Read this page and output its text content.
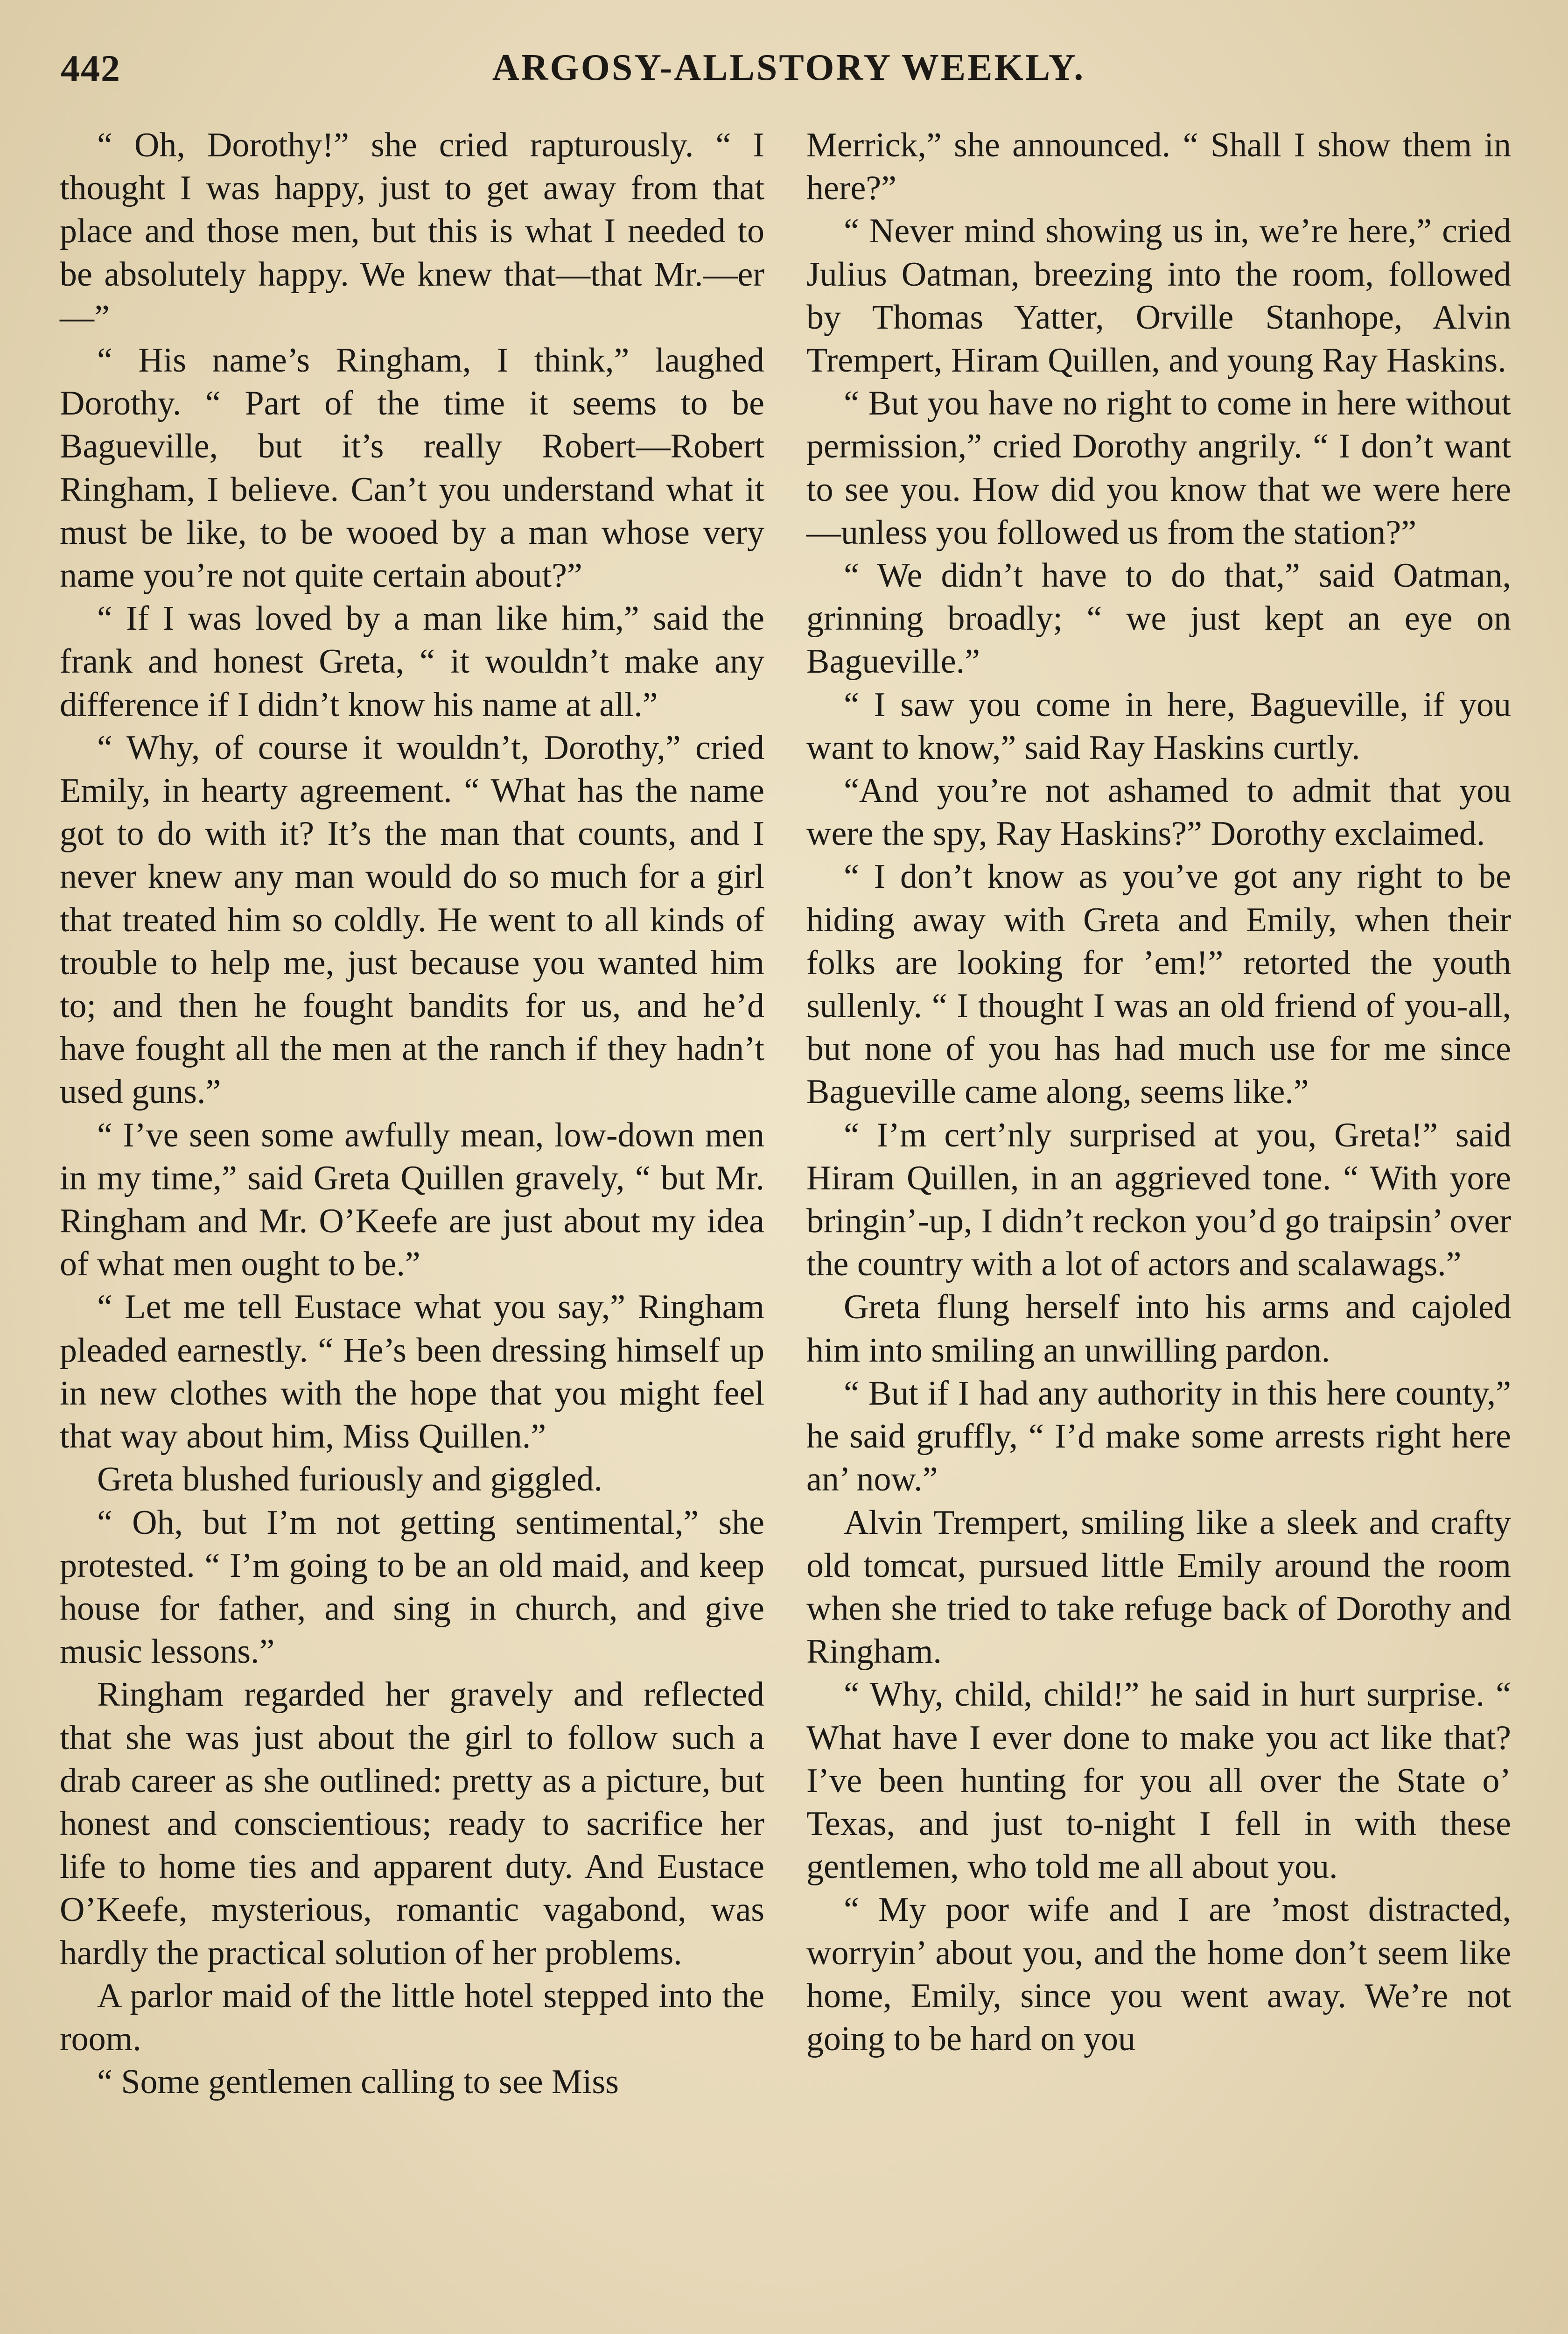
442	ARGOSY-ALLSTORY WEEKLY.

“ Oh, Dorothy!” she cried rapturously. “ I thought I was happy, just to get away from that place and those men, but this is what I needed to be absolutely happy. We knew that—that Mr.—er—”

“ His name’s Ringham, I think,” laughed Dorothy. “ Part of the time it seems to be Bagueville, but it’s really Robert—Robert Ringham, I believe. Can’t you understand what it must be like, to be wooed by a man whose very name you’re not quite certain about?”

“ If I was loved by a man like him,” said the frank and honest Greta, “ it wouldn’t make any difference if I didn’t know his name at all.”

“ Why, of course it wouldn’t, Dorothy,” cried Emily, in hearty agreement. “ What has the name got to do with it? It’s the man that counts, and I never knew any man would do so much for a girl that treated him so coldly. He went to all kinds of trouble to help me, just because you wanted him to; and then he fought bandits for us, and he’d have fought all the men at the ranch if they hadn’t used guns.”

“ I’ve seen some awfully mean, low-down men in my time,” said Greta Quillen gravely, “ but Mr. Ringham and Mr. O’Keefe are just about my idea of what men ought to be.”

“ Let me tell Eustace what you say,” Ringham pleaded earnestly. “ He’s been dressing himself up in new clothes with the hope that you might feel that way about him, Miss Quillen.”

Greta blushed furiously and giggled.

“ Oh, but I’m not getting sentimental,” she protested. “ I’m going to be an old maid, and keep house for father, and sing in church, and give music lessons.”

Ringham regarded her gravely and reflected that she was just about the girl to follow such a drab career as she outlined: pretty as a picture, but honest and conscientious; ready to sacrifice her life to home ties and apparent duty. And Eustace O’Keefe, mysterious, romantic vagabond, was hardly the practical solution of her problems.

A parlor maid of the little hotel stepped into the room.

“ Some gentlemen calling to see Miss

Merrick,” she announced. “ Shall I show them in here?”

“ Never mind showing us in, we’re here,” cried Julius Oatman, breezing into the room, followed by Thomas Yatter, Orville Stanhope, Alvin Trempert, Hiram Quillen, and young Ray Haskins.

“ But you have no right to come in here without permission,” cried Dorothy angrily. “ I don’t want to see you. How did you know that we were here—unless you followed us from the station?”

“ We didn’t have to do that,” said Oatman, grinning broadly; “ we just kept an eye on Bagueville.”

“ I saw you come in here, Bagueville, if you want to know,” said Ray Haskins curtly.

“And you’re not ashamed to admit that you were the spy, Ray Haskins?” Dorothy exclaimed.

“ I don’t know as you’ve got any right to be hiding away with Greta and Emily, when their folks are looking for ’em!” retorted the youth sullenly. “ I thought I was an old friend of you-all, but none of you has had much use for me since Bagueville came along, seems like.”

“ I’m cert’nly surprised at you, Greta!” said Hiram Quillen, in an aggrieved tone. “ With yore bringin’-up, I didn’t reckon you’d go traipsin’ over the country with a lot of actors and scalawags.”

Greta flung herself into his arms and cajoled him into smiling an unwilling pardon.

“ But if I had any authority in this here county,” he said gruffly, “ I’d make some arrests right here an’ now.”

Alvin Trempert, smiling like a sleek and crafty old tomcat, pursued little Emily around the room when she tried to take refuge back of Dorothy and Ringham.

“ Why, child, child!” he said in hurt surprise. “ What have I ever done to make you act like that? I’ve been hunting for you all over the State o’ Texas, and just to-night I fell in with these gentlemen, who told me all about you.

“ My poor wife and I are ’most distracted, worryin’ about you, and the home don’t seem like home, Emily, since you went away. We’re not going to be hard on you
